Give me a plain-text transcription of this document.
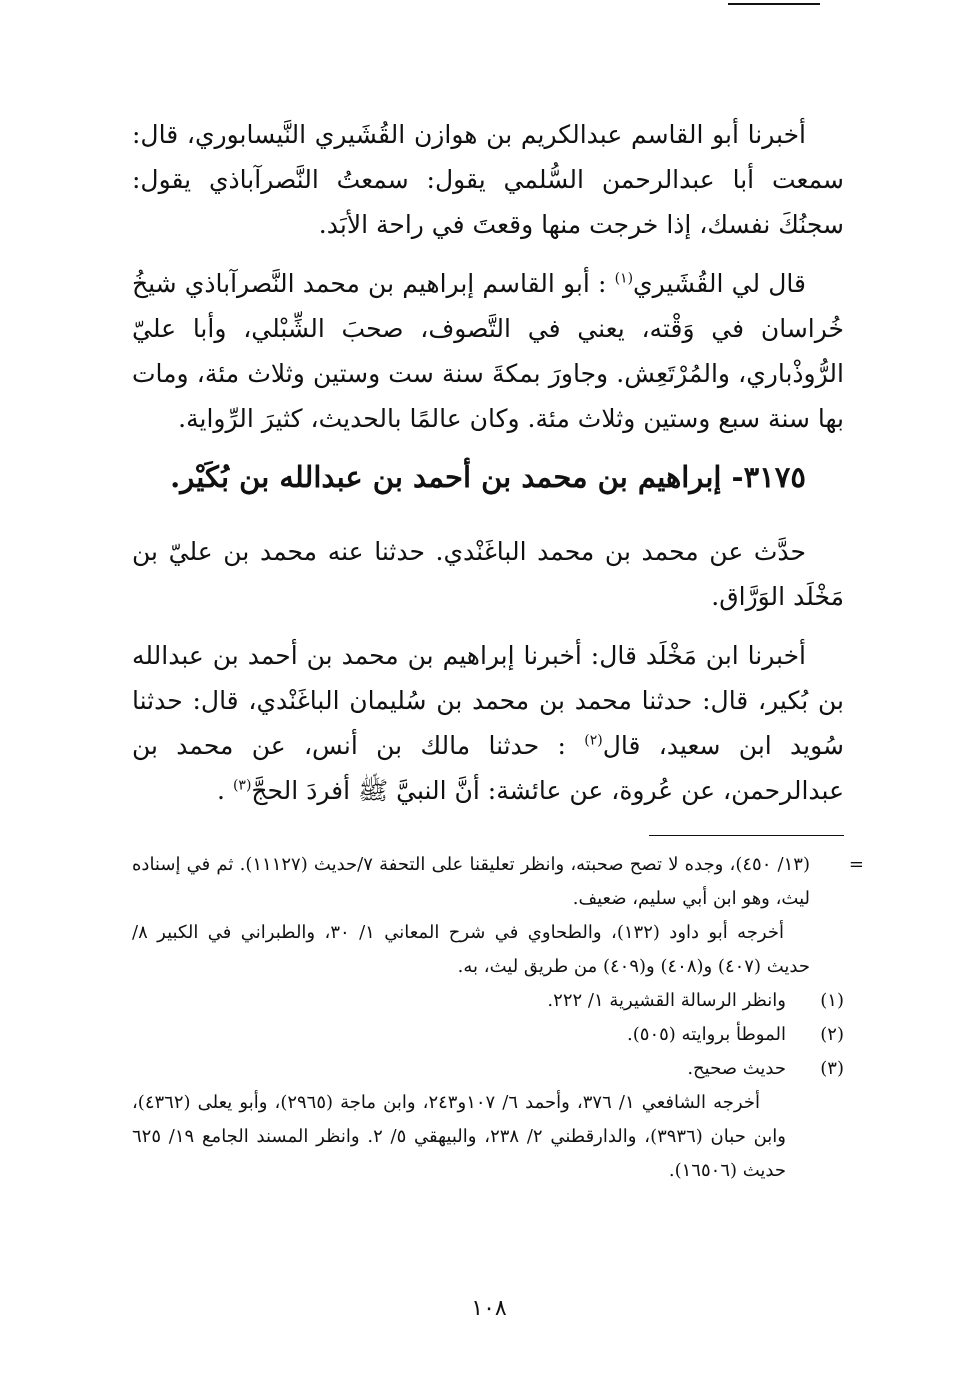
أخبرنا أبو القاسم عبدالكريم بن هوازن القُشَيري النَّيسابوري، قال: سمعت أبا عبدالرحمن السُّلمي يقول: سمعتُ النَّصرآباذي يقول: سجنُكَ نفسك، إذا خرجت منها وقعتَ في راحة الأبَد.

قال لي القُشَيري$^{(١)}$ : أبو القاسم إبراهيم بن محمد النَّصرآباذي شيخُ خُراسان في وَقْته، يعني في التَّصوف، صحبَ الشِّبْلي، وأبا عليّ الرُّوذْباري، والمُرْتَعِش. وجاورَ بمكةَ سنة ست وستين وثلاث مئة، ومات بها سنة سبع وستين وثلاث مئة. وكان عالمًا بالحديث، كثيرَ الرِّواية.

٣١٧٥- إبراهيم بن محمد بن أحمد بن عبدالله بن بُكَيْر.

حدَّث عن محمد بن محمد الباغَنْدي. حدثنا عنه محمد بن عليّ بن مَخْلَد الوَرَّاق.

أخبرنا ابن مَخْلَد قال: أخبرنا إبراهيم بن محمد بن أحمد بن عبدالله بن بُكير، قال: حدثنا محمد بن محمد بن سُليمان الباغَنْدي، قال: حدثنا سُويد ابن سعيد، قال$^{(٢)}$ : حدثنا مالك بن أنس، عن محمد بن عبدالرحمن، عن عُروة، عن عائشة: أنَّ النبيَّ ﷺ أفردَ الحجَّ$^{(٣)}$ .

=
(١٣/ ٤٥٠)، وجده لا تصح صحبته، وانظر تعليقنا على التحفة ٧/حديث (١١١٢٧). ثم في إسناده ليث، وهو ابن أبي سليم، ضعيف.

أخرجه أبو داود (١٣٢)، والطحاوي في شرح المعاني ١/ ٣٠، والطبراني في الكبير ٨/ حديث (٤٠٧) و(٤٠٨) و(٤٠٩) من طريق ليث، به.

(١)وانظر الرسالة القشيرية ١/ ٢٢٢.

(٢)الموطأ بروايته (٥٠٥).

(٣)حديث صحيح.

أخرجه الشافعي ١/ ٣٧٦، وأحمد ٦/ ١٠٧و٢٤٣، وابن ماجة (٢٩٦٥)، وأبو يعلى (٤٣٦٢)، وابن حبان (٣٩٣٦)، والدارقطني ٢/ ٢٣٨، والبيهقي ٥/ ٢. وانظر المسند الجامع ١٩/ ٦٢٥ حديث (١٦٥٠٦).

١٠٨
